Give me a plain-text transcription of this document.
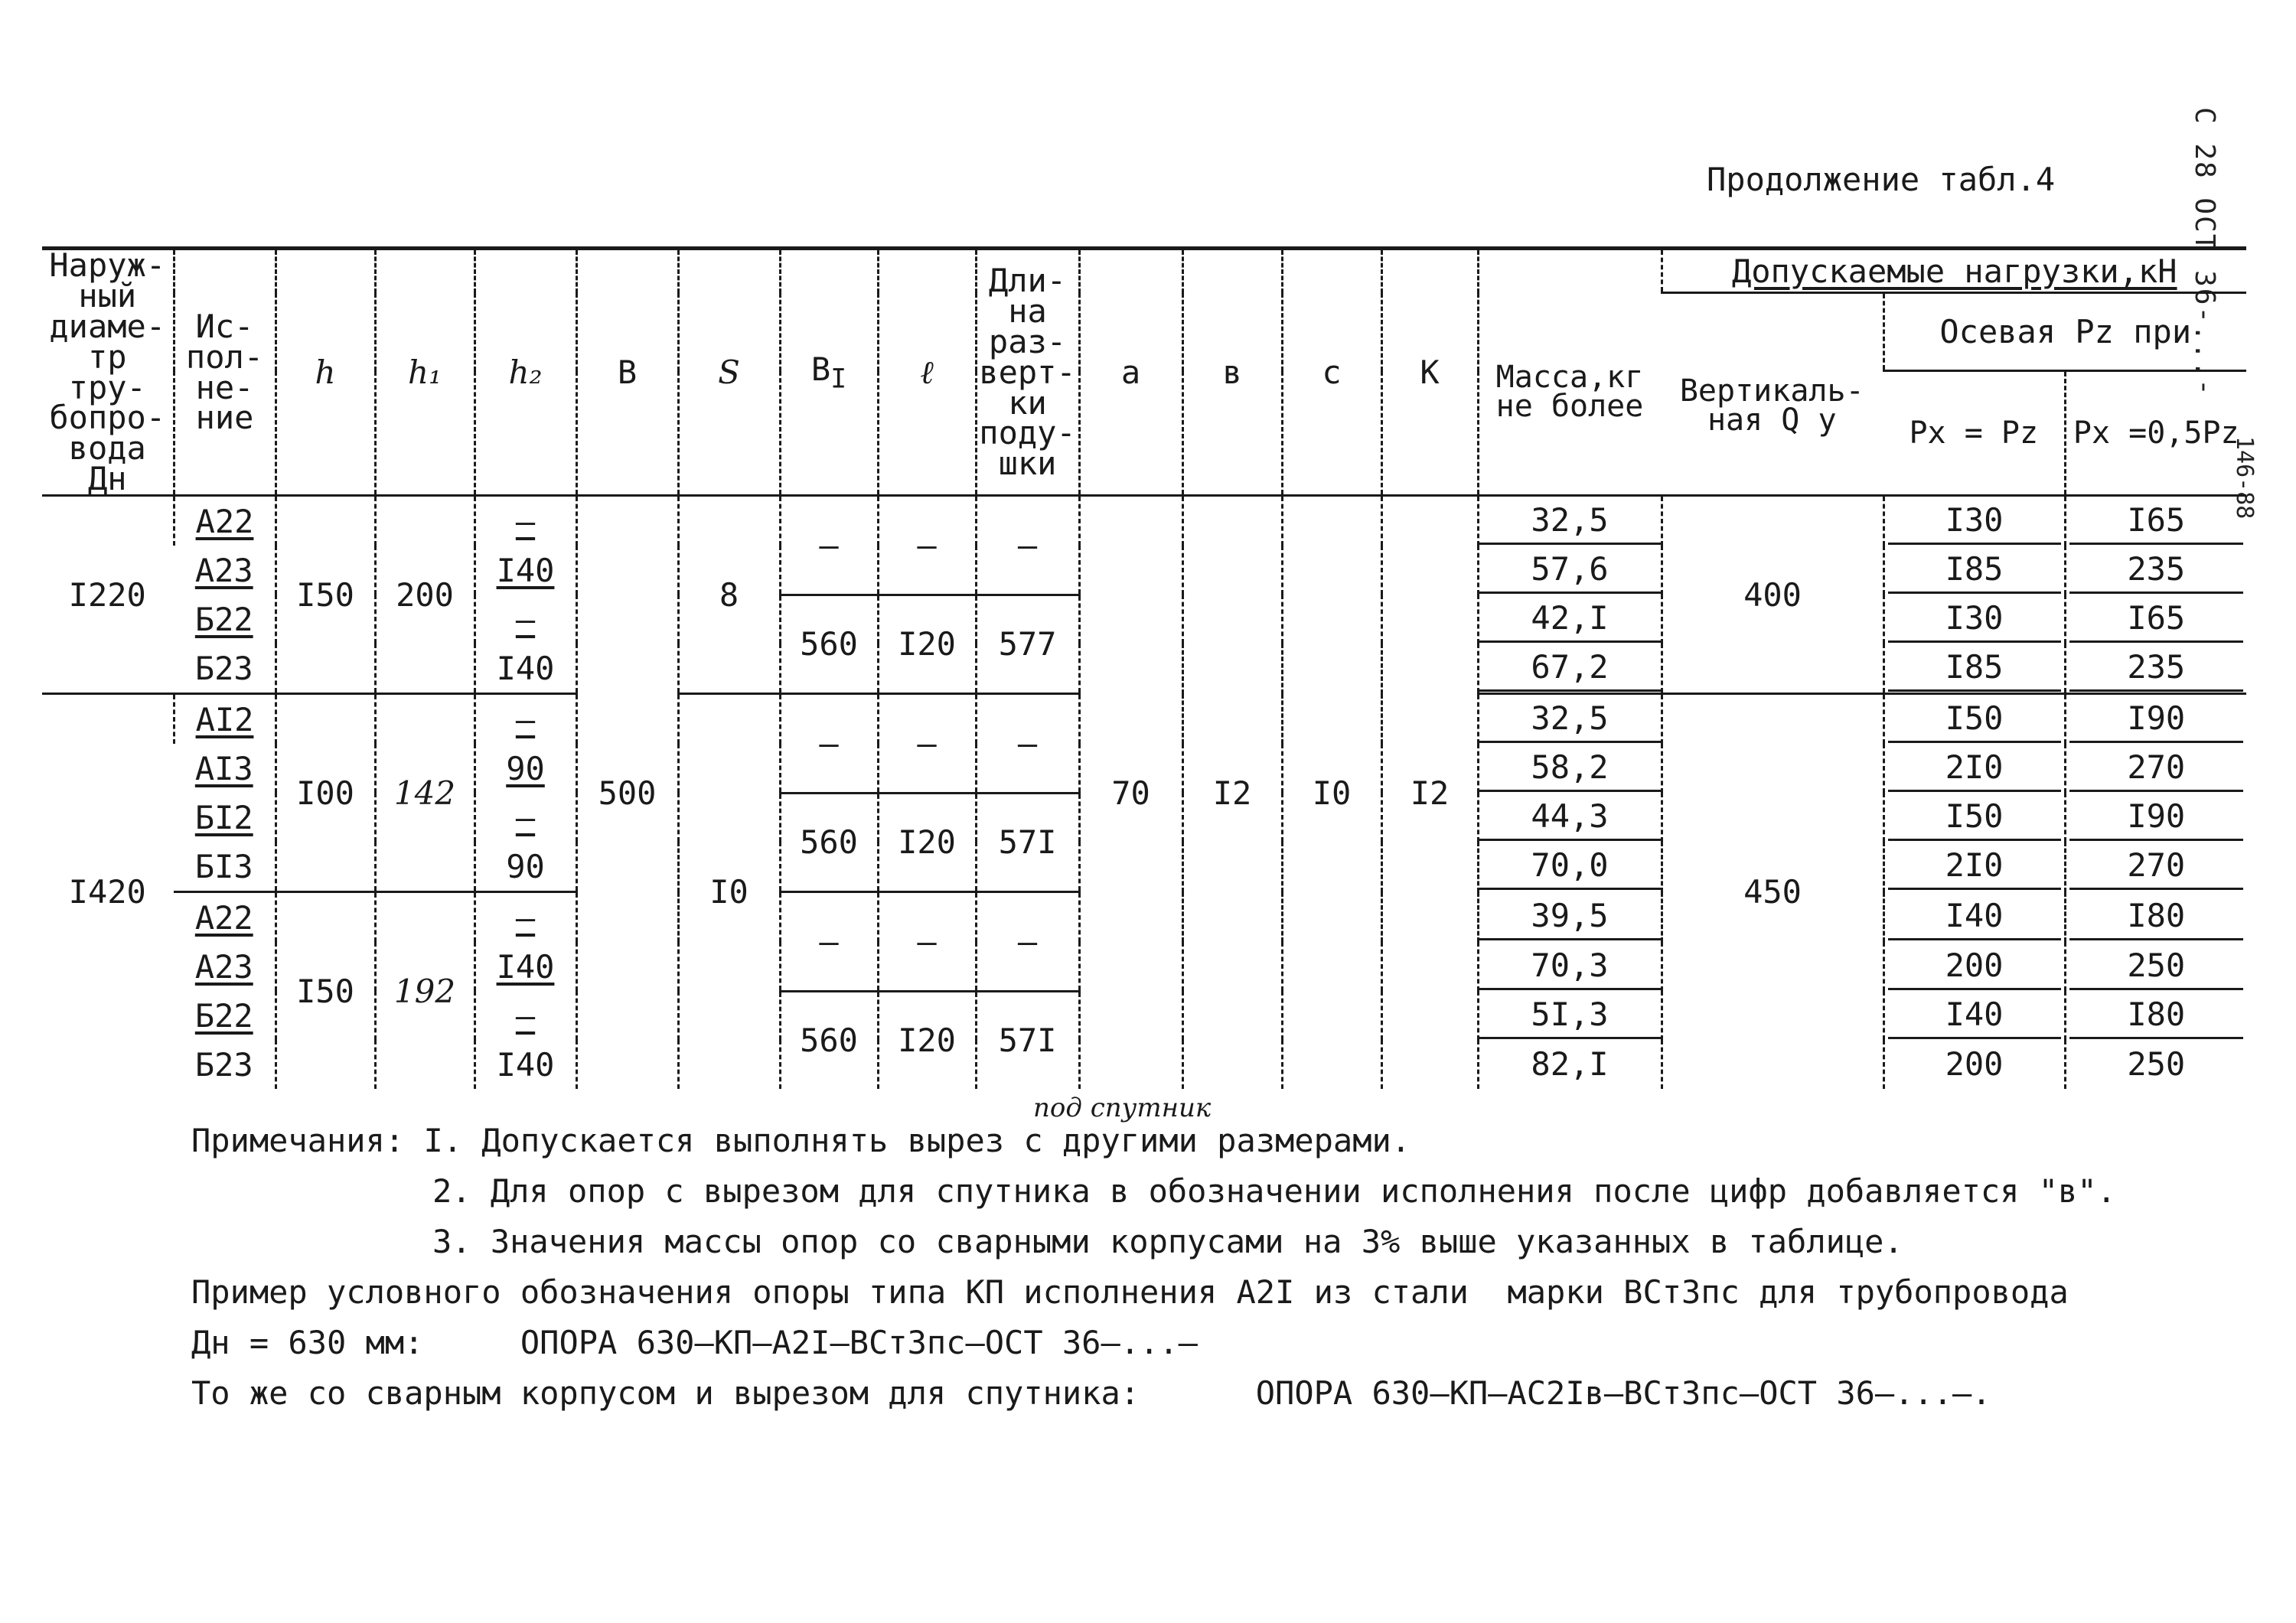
Продолжение табл.4	С 28 ОСТ 36-...-
146-88
Наруж-ный диаме-тр тру-бопро-вода Дн	Ис-пол-не-ние	h	h₁	h₂	B	S	$B_I$	ℓ	Дли-на раз-верт-ки поду-шки	a	в	c	K	Масса,кг не более	Допускаемые нагрузки,кН		
															Вертикаль-ная Q y	Осевая Pz при	
																Px = Pz	Px =0,5Pz
I220	А22	I50	200	–	500	8	–	–	–	70	I2	I0	I2	32,5	400	I30	I65

	А23			I40										57,6		I85	235

	Б22			–			560	I20	577					42,I		I30	I65

	Б23			I40										67,2		I85	235

I420	АI2	I00	142	–		I0	–	–	–					32,5	450	I50	I90

	АI3			90										58,2		2I0	270

	БI2			–			560	I20	57I					44,3		I50	I90

	БI3			90										70,0		2I0	270

	А22	I50	192	–			–	–	–					39,5		I40	I80

	А23			I40										70,3		200	250

	Б22			–			560	I20	57I					5I,3		I40	I80

	Б23			I40										82,I		200	250
под спутник
Примечания: I. Допускается выполнять вырез с другими размерами.
2. Для опор с вырезом для спутника в обозначении исполнения после цифр добавляется "в".
3. Значения массы опор со сварными корпусами на 3% выше указанных в таблице.
Пример условного обозначения опоры типа КП исполнения А2I из стали  марки ВСт3пс для трубопровода
Дн = 630 мм:	ОПОРА 630–КП–А2I–ВСт3пс–ОСТ 36–...–
То же со сварным корпусом и вырезом для спутника:	ОПОРА 630–КП–АС2Iв–ВСт3пс–ОСТ 36–...–.
